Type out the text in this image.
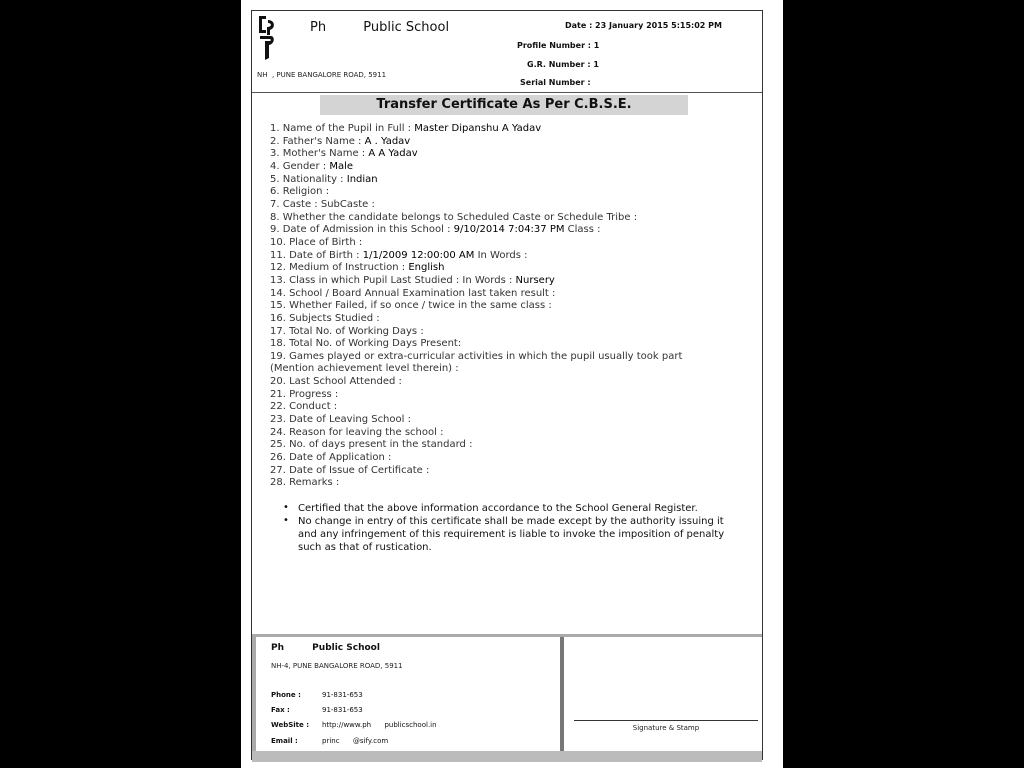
Ph     Public School
NH , PUNE BANGALORE ROAD, 5911
Date : 23 January 2015 5:15:02 PM
Profile Number : 1
G.R. Number : 1
Serial Number :
Transfer Certificate As Per C.B.S.E.
1. Name of the Pupil in Full : Master Dipanshu A Yadav
2. Father's Name : A . Yadav
3. Mother's Name : A A Yadav
4. Gender : Male
5. Nationality : Indian
6. Religion :
7. Caste : SubCaste :
8. Whether the candidate belongs to Scheduled Caste or Schedule Tribe :
9. Date of Admission in this School : 9/10/2014 7:04:37 PM Class :
10. Place of Birth :
11. Date of Birth : 1/1/2009 12:00:00 AM In Words :
12. Medium of Instruction : English
13. Class in which Pupil Last Studied : In Words : Nursery
14. School / Board Annual Examination last taken result :
15. Whether Failed, if so once / twice in the same class :
16. Subjects Studied :
17. Total No. of Working Days :
18. Total No. of Working Days Present:
19. Games played or extra-curricular activities in which the pupil usually took part
(Mention achievement level therein) :
20. Last School Attended :
21. Progress :
22. Conduct :
23. Date of Leaving School :
24. Reason for leaving the school :
25. No. of days present in the standard :
26. Date of Application :
27. Date of Issue of Certificate :
28. Remarks :
• Certified that the above information accordance to the School General Register.
• No change in entry of this certificate shall be made except by the authority issuing it and any infringement of this requirement is liable to invoke the imposition of penalty such as that of rustication.
Ph     Public School
NH-4, PUNE BANGALORE ROAD, 5911
Phone :	91-831-653
Fax :	91-831-653
WebSite : http://www.ph   publicschool.in
Email :	princ   @sify.com
Signature & Stamp
